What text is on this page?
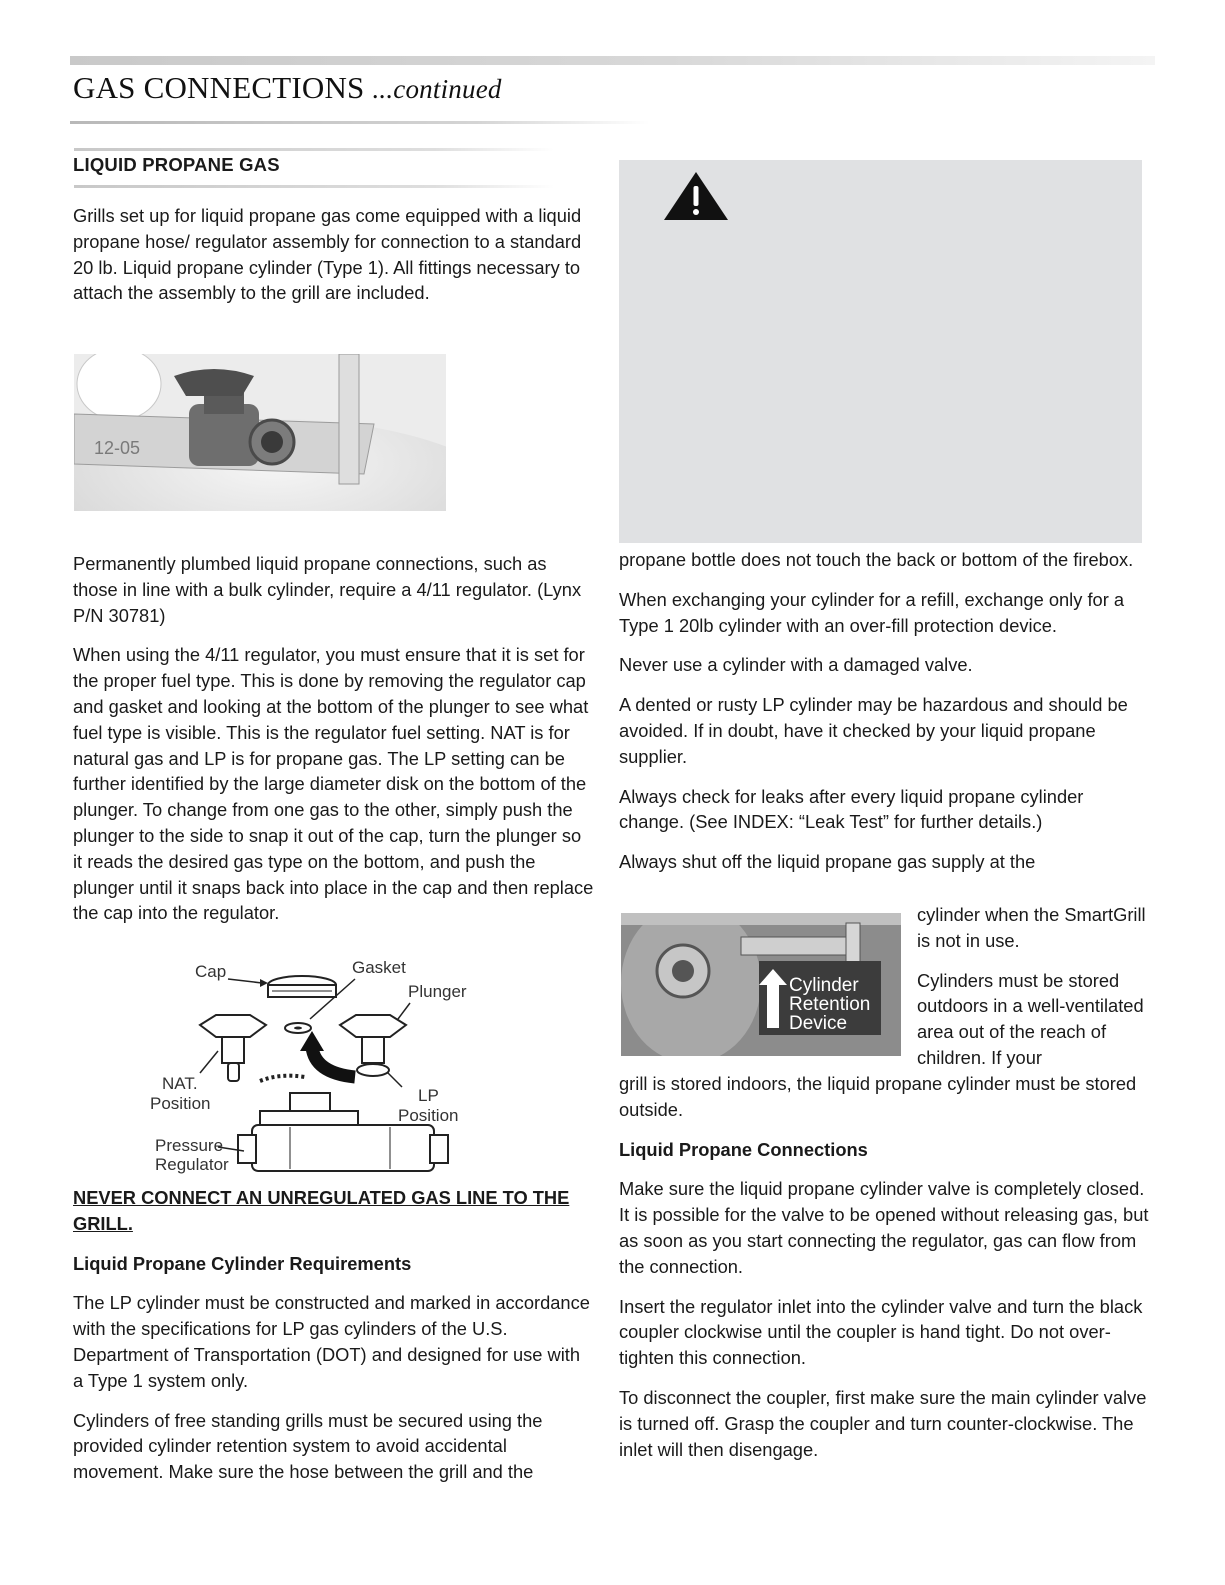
GAS CONNECTIONS ...continued
LIQUID PROPANE GAS

Grills set up for liquid propane gas come equipped with a liquid propane hose/ regulator assembly for connection to a standard 20 lb. Liquid propane cylinder (Type 1). All fittings necessary to attach the assembly to the grill are included.

12-05

Permanently plumbed liquid propane connections, such as those in line with a bulk cylinder, require a 4/11 regulator. (Lynx P/N 30781)

When using the 4/11 regulator, you must ensure that it is set for the proper fuel type. This is done by removing the regulator cap and gasket and looking at the bottom of the plunger to see what fuel type is visible. This is the regulator fuel setting. NAT is for natural gas and LP is for propane gas. The LP setting can be further identified by the large diameter disk on the bottom of the plunger. To change from one gas to the other, simply push the plunger to the side to snap it out of the cap, turn the plunger so it reads the desired gas type on the bottom, and push the plunger until it snaps back into place in the cap and then replace the cap into the regulator.

Cap	Gasket
Plunger
NAT.
Position	LP
Position
Pressure
Regulator

NEVER CONNECT AN UNREGULATED GAS LINE TO THE GRILL.

Liquid Propane Cylinder Requirements

The LP cylinder must be constructed and marked in accordance with the specifications for LP gas cylinders of the U.S. Department of Transportation (DOT) and designed for use with a Type 1 system only.

Cylinders of free standing grills must be secured using the provided cylinder retention system to avoid accidental movement. Make sure the hose between the grill and the

propane bottle does not touch the back or bottom of the firebox.

When exchanging your cylinder for a refill, exchange only for a Type 1 20lb cylinder with an over-fill protection device.

Never use a cylinder with a damaged valve.

A dented or rusty LP cylinder may be hazardous and should be avoided. If in doubt, have it checked by your liquid propane supplier.

Always check for leaks after every liquid propane cylinder change. (See INDEX: “Leak Test” for further details.)

Always shut off the liquid propane gas supply at the

Cylinder
Retention
Device

cylinder when the SmartGrill is not in use.

Cylinders must be stored outdoors in a well-ventilated area out of the reach of children. If your

grill is stored indoors, the liquid propane cylinder must be stored outside.

Liquid Propane Connections

Make sure the liquid propane cylinder valve is completely closed. It is possible for the valve to be opened without releasing gas, but as soon as you start connecting the regulator, gas can flow from the connection.

Insert the regulator inlet into the cylinder valve and turn the black coupler clockwise until the coupler is hand tight. Do not over-tighten this connection.

To disconnect the coupler, first make sure the main cylinder valve is turned off. Grasp the coupler and turn counter-clockwise. The inlet will then disengage.
